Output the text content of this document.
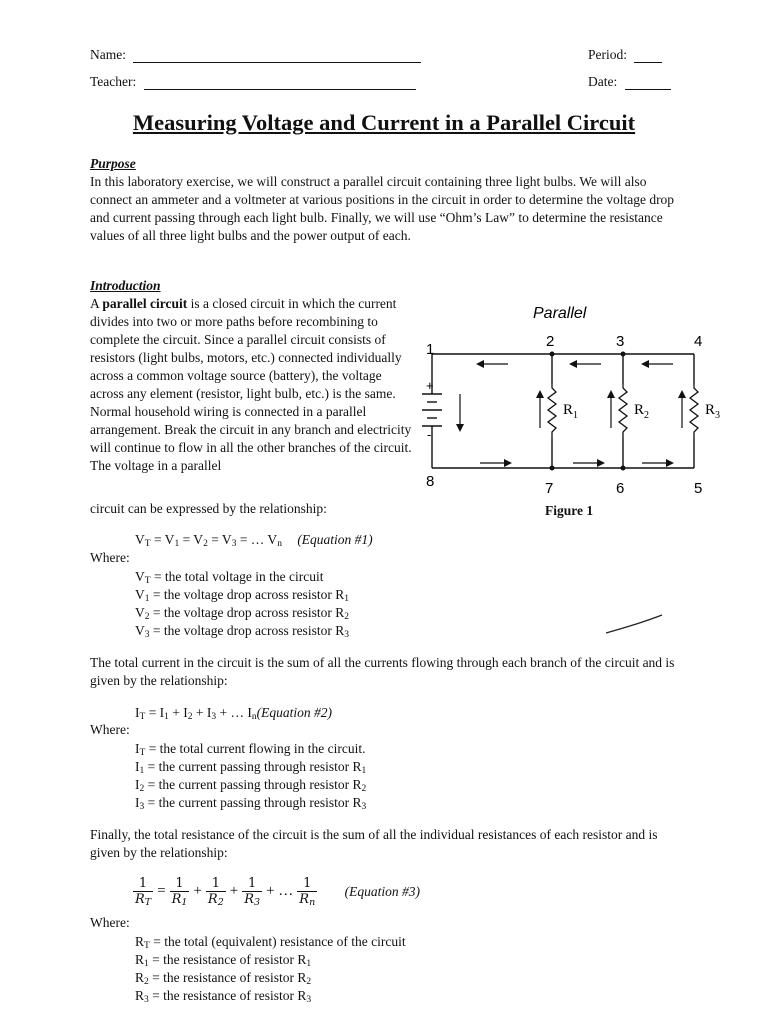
Name:	Period:
Teacher:	Date:
Measuring Voltage and Current in a Parallel Circuit
Purpose
In this laboratory exercise, we will construct a parallel circuit containing three light bulbs. We will also connect an ammeter and a voltmeter at various positions in the circuit in order to determine the voltage drop and current passing through each light bulb. Finally, we will use “Ohm’s Law” to determine the resistance values of all three light bulbs and the power output of each.
Introduction
A parallel circuit is a closed circuit in which the current divides into two or more paths before recombining to complete the circuit. Since a parallel circuit consists of resistors (light bulbs, motors, etc.) connected individually across a common voltage source (battery), the voltage across any element (resistor, light bulb, etc.) is the same. Normal household wiring is connected in a parallel arrangement. Break the circuit in any branch and electricity will continue to flow in all the other branches of the circuit. The voltage in a parallel
circuit can be expressed by the relationship:
Parallel
1	2	3	4
5
6
7
8
+
-
$R_1$	$R_2$	$R_3$
Figure 1
$V_T = V_1 = V_2 = V_3$ = … $V_n$ (Equation #1)
Where:
$V_T$ = the total voltage in the circuit
$V_1$ = the voltage drop across resistor $R_1$
$V_2$ = the voltage drop across resistor $R_2$
$V_3$ = the voltage drop across resistor $R_3$
The total current in the circuit is the sum of all the currents flowing through each branch of the circuit and is given by the relationship:
$I_T = I_1 + I_2 + I_3$ + … $I_n(Equation$ #2)
Where:
$I_T$ = the total current flowing in the circuit.
$I_1$ = the current passing through resistor $R_1$
$I_2$ = the current passing through resistor $R_2$
$I_3$ = the current passing through resistor $R_3$
Finally, the total resistance of the circuit is the sum of all the individual resistances of each resistor and is given by the relationship:
$\frac{1}{R_T} = \frac{1}{R_1} + \frac{1}{R_2} + \frac{1}{R_3}$ + … $\frac{1}{R_n}$ (Equation #3)
Where:
$R_T$ = the total (equivalent) resistance of the circuit
$R_1$ = the resistance of resistor $R_1$
$R_2$ = the resistance of resistor $R_2$
$R_3$ = the resistance of resistor $R_3$
